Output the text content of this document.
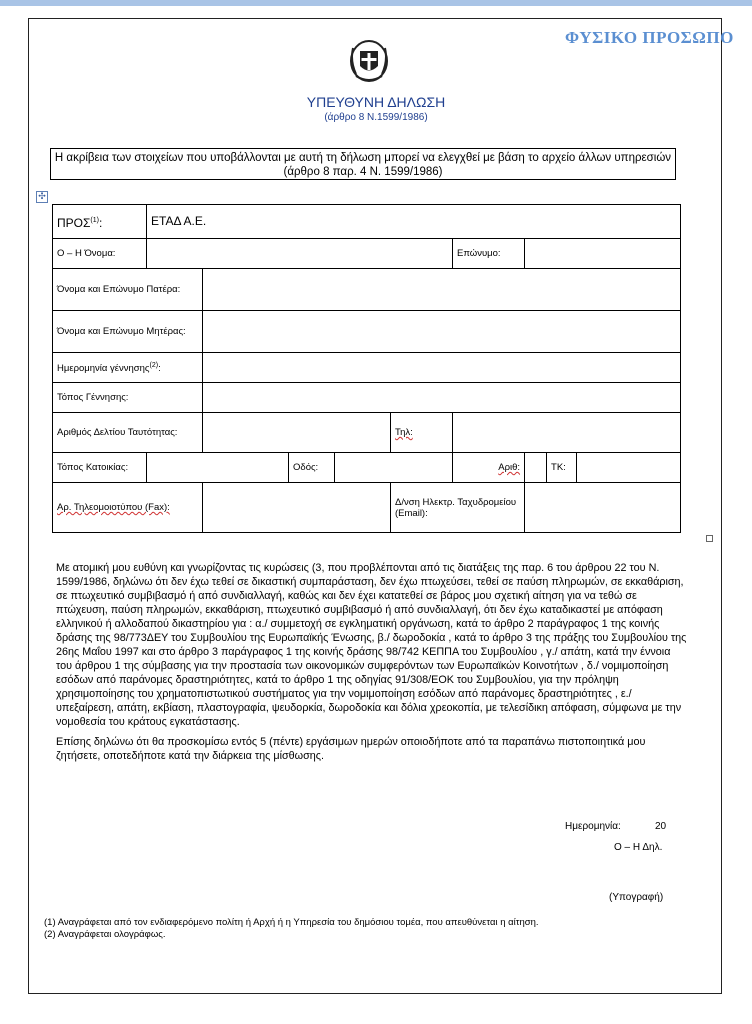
ΦΥΣΙΚΟ ΠΡΟΣΩΠΟ
ΥΠΕΥΘΥΝΗ ΔΗΛΩΣΗ
(άρθρο 8 Ν.1599/1986)
Η ακρίβεια των στοιχείων που υποβάλλονται με αυτή τη δήλωση μπορεί να ελεγχθεί με βάση το αρχείο άλλων υπηρεσιών (άρθρο 8 παρ. 4 Ν. 1599/1986)
✣
ΠΡΟΣ$^{(1)}$:	ΕΤΑΔ Α.Ε.								
Ο – Η Όνομα:						Επώνυμο:			
Όνομα και Επώνυμο Πατέρα:									
Όνομα και Επώνυμο Μητέρας:									
Ημερομηνία γέννησης$^{(2)}$:									
Τόπος Γέννησης:									
Αριθμός Δελτίου Ταυτότητας:					Τηλ:				
Τόπος Κατοικίας:			Οδός:			Αριθ:		ΤΚ:	
Αρ. Τηλεομοιοτύπου (Fax):					Δ/νση Ηλεκτρ. Ταχυδρομείου (Email):				

Με ατομική μου ευθύνη και γνωρίζοντας τις κυρώσεις (3, που προβλέπονται από τις διατάξεις της παρ. 6 του άρθρου 22 του Ν. 1599/1986, δηλώνω ότι δεν έχω τεθεί σε δικαστική συμπαράσταση, δεν έχω πτωχεύσει, τεθεί σε παύση πληρωμών, σε εκκαθάριση, σε πτωχευτικό συμβιβασμό ή από συνδιαλλαγή, καθώς και δεν έχει κατατεθεί σε βάρος μου σχετική αίτηση για να τεθώ σε πτώχευση, παύση πληρωμών, εκκαθάριση, πτωχευτικό συμβιβασμό ή από συνδιαλλαγή, ότι δεν έχω καταδικαστεί με απόφαση ελληνικού ή αλλοδαπού δικαστηρίου για : α./ συμμετοχή σε εγκληματική οργάνωση, κατά το άρθρο 2 παράγραφος 1 της κοινής δράσης της 98/773ΔΕΥ του Συμβουλίου της Ευρωπαϊκής Ένωσης, β./ δωροδοκία , κατά το άρθρο 3 της πράξης του Συμβουλίου της 26ης Μαΐου 1997 και στο άρθρο 3 παράγραφος 1 της κοινής δράσης 98/742 ΚΕΠΠΑ του Συμβουλίου , γ./ απάτη, κατά την έννοια του άρθρου 1 της σύμβασης για την προστασία των οικονομικών συμφερόντων των Ευρωπαϊκών Κοινοτήτων , δ./ νομιμοποίηση εσόδων από παράνομες δραστηριότητες, κατά το άρθρο 1 της οδηγίας 91/308/ΕΟΚ του Συμβουλίου, για την πρόληψη χρησιμοποίησης του χρηματοπιστωτικού συστήματος για την νομιμοποίηση εσόδων από παράνομες δραστηριότητες , ε./ υπεξαίρεση, απάτη, εκβίαση, πλαστογραφία, ψευδορκία, δωροδοκία και δόλια χρεοκοπία, με τελεσίδικη απόφαση, σύμφωνα με την νομοθεσία του κράτους εγκατάστασης.

Επίσης δηλώνω ότι θα προσκομίσω εντός 5 (πέντε) εργάσιμων ημερών οποιοδήποτε από τα παραπάνω πιστοποιητικά μου ζητήσετε, οποτεδήποτε κατά την διάρκεια της μίσθωσης.

Ημερομηνία:	20
Ο – Η Δηλ.
(Υπογραφή)
(1) Αναγράφεται από τον ενδιαφερόμενο πολίτη ή Αρχή ή η Υπηρεσία του δημόσιου τομέα, που απευθύνεται η αίτηση.
(2) Αναγράφεται ολογράφως.
